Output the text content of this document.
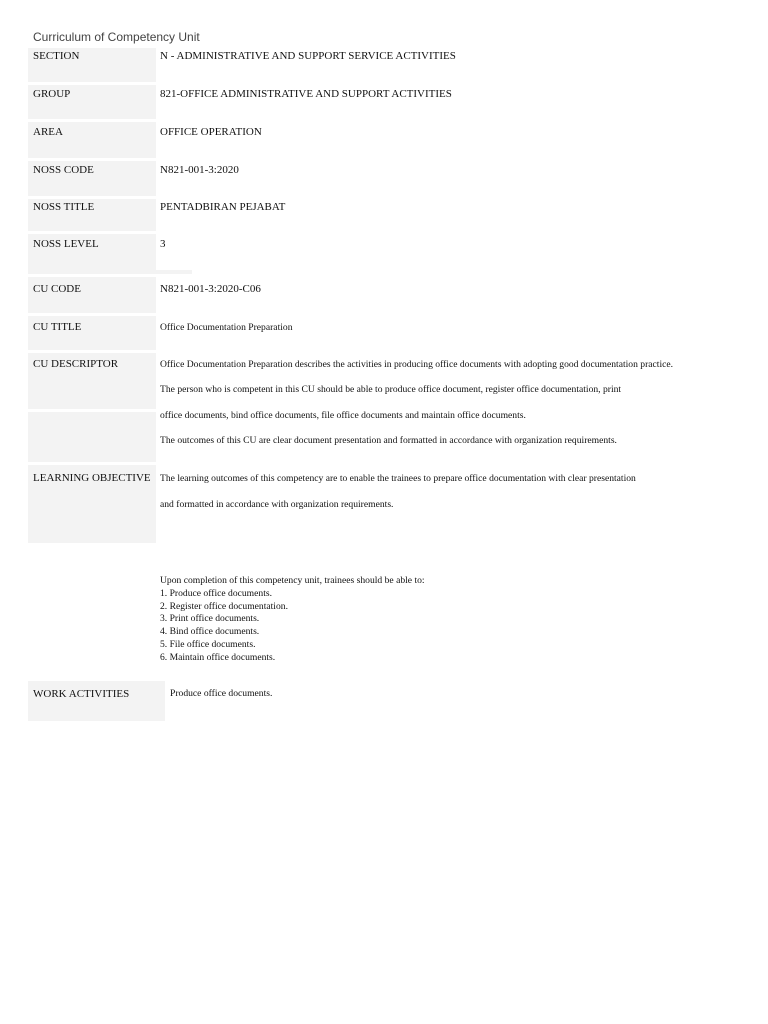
Curriculum of Competency Unit
SECTION	N - ADMINISTRATIVE AND SUPPORT SERVICE ACTIVITIES
GROUP	821-OFFICE ADMINISTRATIVE AND SUPPORT ACTIVITIES
AREA	OFFICE OPERATION
NOSS CODE	N821-001-3:2020
NOSS TITLE	PENTADBIRAN PEJABAT
NOSS LEVEL	3
CU CODE	N821-001-3:2020-C06
CU TITLE	Office Documentation Preparation
CU DESCRIPTOR	Office Documentation Preparation describes the activities in producing office documents with adopting good documentation practice.
The person who is competent in this CU should be able to produce office document, register office documentation, print
office documents, bind office documents, file office documents and maintain office documents.
The outcomes of this CU are clear document presentation and formatted in accordance with organization requirements.
LEARNING OBJECTIVE The learning outcomes of this competency are to enable the trainees to prepare office documentation with clear presentation
and formatted in accordance with organization requirements.
Upon completion of this competency unit, trainees should be able to:
1. Produce office documents.
2. Register office documentation.
3. Print office documents.
4. Bind office documents.
5. File office documents.
6. Maintain office documents.
WORK ACTIVITIES	Produce office documents.
